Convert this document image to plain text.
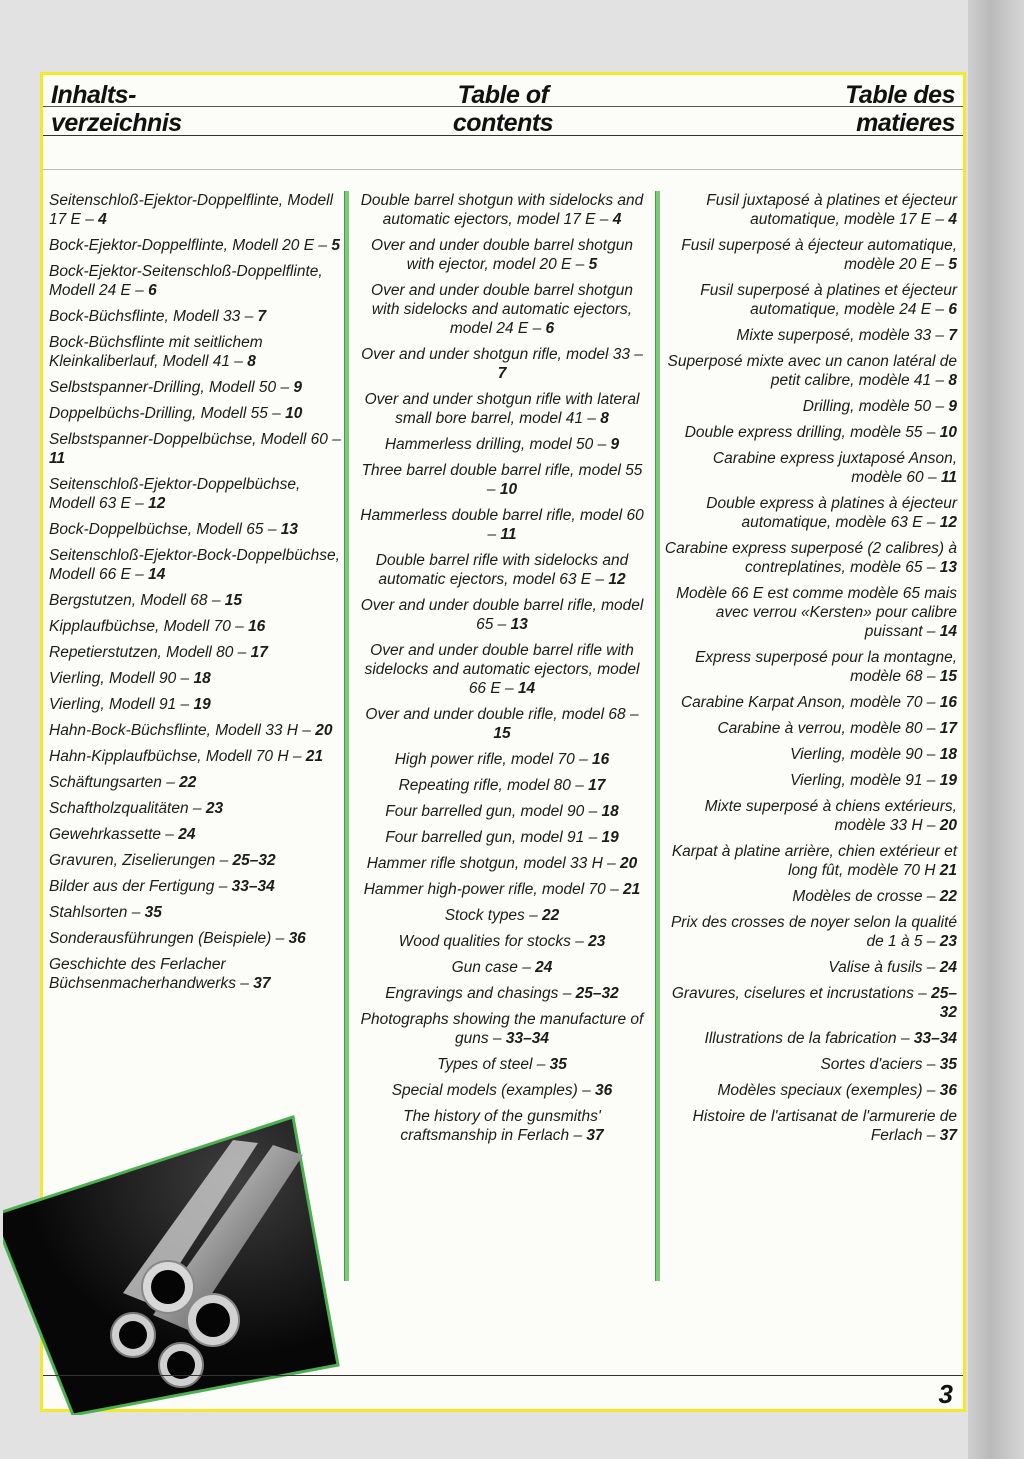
Inhalts-
verzeichnis
Table of
contents
Table des
matieres
Seitenschloß-Ejektor-Doppelflinte, Modell 17 E – 4
Bock-Ejektor-Doppelflinte, Modell 20 E – 5
Bock-Ejektor-Seitenschloß-Doppelflinte, Modell 24 E – 6
Bock-Büchsflinte, Modell 33 – 7
Bock-Büchsflinte mit seitlichem Kleinkaliberlauf, Modell 41 – 8
Selbstspanner-Drilling, Modell 50 – 9
Doppelbüchs-Drilling, Modell 55 – 10
Selbstspanner-Doppelbüchse, Modell 60 – 11
Seitenschloß-Ejektor-Doppelbüchse, Modell 63 E – 12
Bock-Doppelbüchse, Modell 65 – 13
Seitenschloß-Ejektor-Bock-Doppelbüchse, Modell 66 E – 14
Bergstutzen, Modell 68 – 15
Kipplaufbüchse, Modell 70 – 16
Repetierstutzen, Modell 80 – 17
Vierling, Modell 90 – 18
Vierling, Modell 91 – 19
Hahn-Bock-Büchsflinte, Modell 33 H – 20
Hahn-Kipplaufbüchse, Modell 70 H – 21
Schäftungsarten – 22
Schaftholzqualitäten – 23
Gewehrkassette – 24
Gravuren, Ziselierungen – 25–32
Bilder aus der Fertigung – 33–34
Stahlsorten – 35
Sonderausführungen (Beispiele) – 36
Geschichte des Ferlacher Büchsenmacherhandwerks – 37
Double barrel shotgun with sidelocks and automatic ejectors, model 17 E – 4
Over and under double barrel shotgun with ejector, model 20 E – 5
Over and under double barrel shotgun with sidelocks and automatic ejectors, model 24 E – 6
Over and under shotgun rifle, model 33 – 7
Over and under shotgun rifle with lateral small bore barrel, model 41 – 8
Hammerless drilling, model 50 – 9
Three barrel double barrel rifle, model 55 – 10
Hammerless double barrel rifle, model 60 – 11
Double barrel rifle with sidelocks and automatic ejectors, model 63 E – 12
Over and under double barrel rifle, model 65 – 13
Over and under double barrel rifle with sidelocks and automatic ejectors, model 66 E – 14
Over and under double rifle, model 68 – 15
High power rifle, model 70 – 16
Repeating rifle, model 80 – 17
Four barrelled gun, model 90 – 18
Four barrelled gun, model 91 – 19
Hammer rifle shotgun, model 33 H – 20
Hammer high-power rifle, model 70 – 21
Stock types – 22
Wood qualities for stocks – 23
Gun case – 24
Engravings and chasings – 25–32
Photographs showing the manufacture of guns – 33–34
Types of steel – 35
Special models (examples) – 36
The history of the gunsmiths' craftsmanship in Ferlach – 37
Fusil juxtaposé à platines et éjecteur automatique, modèle 17 E – 4
Fusil superposé à éjecteur automatique, modèle 20 E – 5
Fusil superposé à platines et éjecteur automatique, modèle 24 E – 6
Mixte superposé, modèle 33 – 7
Superposé mixte avec un canon latéral de petit calibre, modèle 41 – 8
Drilling, modèle 50 – 9
Double express drilling, modèle 55 – 10
Carabine express juxtaposé Anson, modèle 60 – 11
Double express à platines à éjecteur automatique, modèle 63 E – 12
Carabine express superposé (2 calibres) à contreplatines, modèle 65 – 13
Modèle 66 E est comme modèle 65 mais avec verrou «Kersten» pour calibre puissant – 14
Express superposé pour la montagne, modèle 68 – 15
Carabine Karpat Anson, modèle 70 – 16
Carabine à verrou, modèle 80 – 17
Vierling, modèle 90 – 18
Vierling, modèle 91 – 19
Mixte superposé à chiens extérieurs, modèle 33 H – 20
Karpat à platine arrière, chien extérieur et long fût, modèle 70 H 21
Modèles de crosse – 22
Prix des crosses de noyer selon la qualité de 1 à 5 – 23
Valise à fusils – 24
Gravures, ciselures et incrustations – 25–32
Illustrations de la fabrication – 33–34
Sortes d'aciers – 35
Modèles speciaux (exemples) – 36
Histoire de l'artisanat de l'armurerie de Ferlach – 37
3
